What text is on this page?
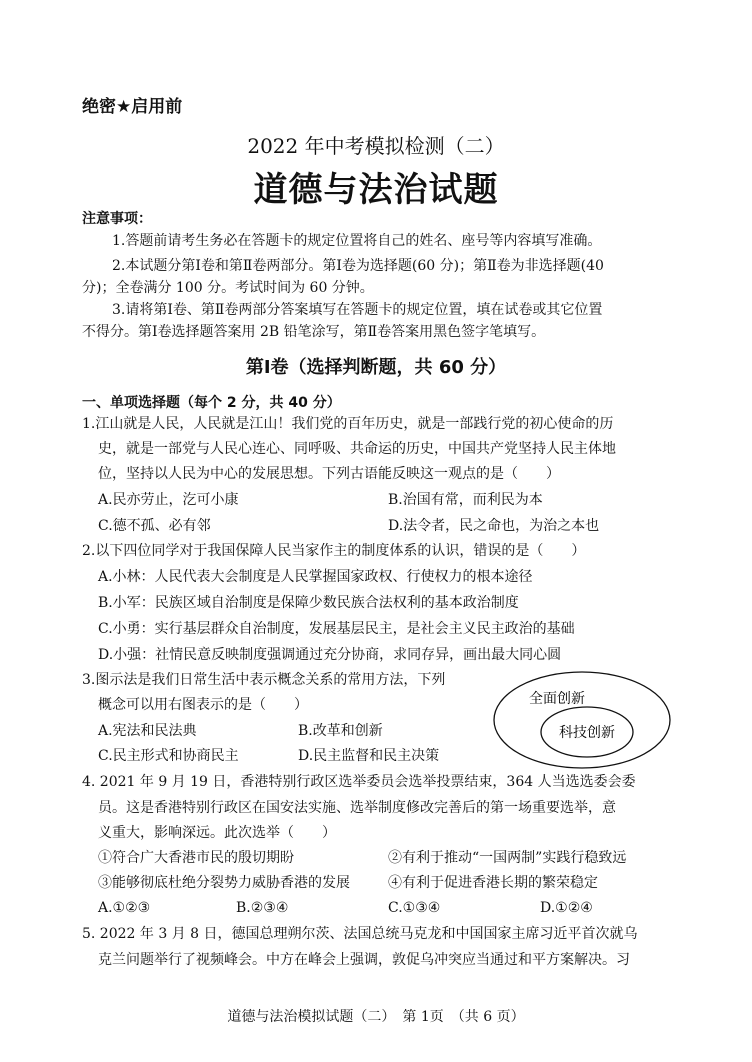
绝密★启用前
2022 年中考模拟检测（二）
道德与法治试题
注意事项：
1.答题前请考生务必在答题卡的规定位置将自己的姓名、座号等内容填写准确。
2.本试题分第Ⅰ卷和第Ⅱ卷两部分。第Ⅰ卷为选择题(60 分)；第Ⅱ卷为非选择题(40
分)；全卷满分 100 分。考试时间为 60 分钟。
3.请将第Ⅰ卷、第Ⅱ卷两部分答案填写在答题卡的规定位置，填在试卷或其它位置
不得分。第Ⅰ卷选择题答案用 2B 铅笔涂写，第Ⅱ卷答案用黑色签字笔填写。
第Ⅰ卷（选择判断题，共 60 分）
一、单项选择题（每个 2 分，共 40 分）
1.江山就是人民，人民就是江山！我们党的百年历史，就是一部践行党的初心使命的历
史，就是一部党与人民心连心、同呼吸、共命运的历史，中国共产党坚持人民主体地
位，坚持以人民为中心的发展思想。下列古语能反映这一观点的是（　　）
A.民亦劳止，汔可小康	B.治国有常，而利民为本
C.德不孤、必有邻	D.法令者，民之命也，为治之本也
2.以下四位同学对于我国保障人民当家作主的制度体系的认识，错误的是（　　）
A.小林：人民代表大会制度是人民掌握国家政权、行使权力的根本途径
B.小军：民族区域自治制度是保障少数民族合法权利的基本政治制度
C.小勇：实行基层群众自治制度，发展基层民主，是社会主义民主政治的基础
D.小强：社情民意反映制度强调通过充分协商，求同存异，画出最大同心圆
3.图示法是我们日常生活中表示概念关系的常用方法，下列
概念可以用右图表示的是（　　）
A.宪法和民法典	B.改革和创新
C.民主形式和协商民主	D.民主监督和民主决策
全面创新
科技创新
4. 2021 年 9 月 19 日，香港特别行政区选举委员会选举投票结束，364 人当选选委会委
员。这是香港特别行政区在国安法实施、选举制度修改完善后的第一场重要选举，意
义重大，影响深远。此次选举（　　）
①符合广大香港市民的殷切期盼	②有利于推动“一国两制”实践行稳致远
③能够彻底杜绝分裂势力威胁香港的发展	④有利于促进香港长期的繁荣稳定
A.①②③	B.②③④	C.①③④	D.①②④
5. 2022 年 3 月 8 日，德国总理朔尔茨、法国总统马克龙和中国国家主席习近平首次就乌
克兰问题举行了视频峰会。中方在峰会上强调，敦促乌冲突应当通过和平方案解决。习
道德与法治模拟试题（二）　第 1页　（共 6 页）
